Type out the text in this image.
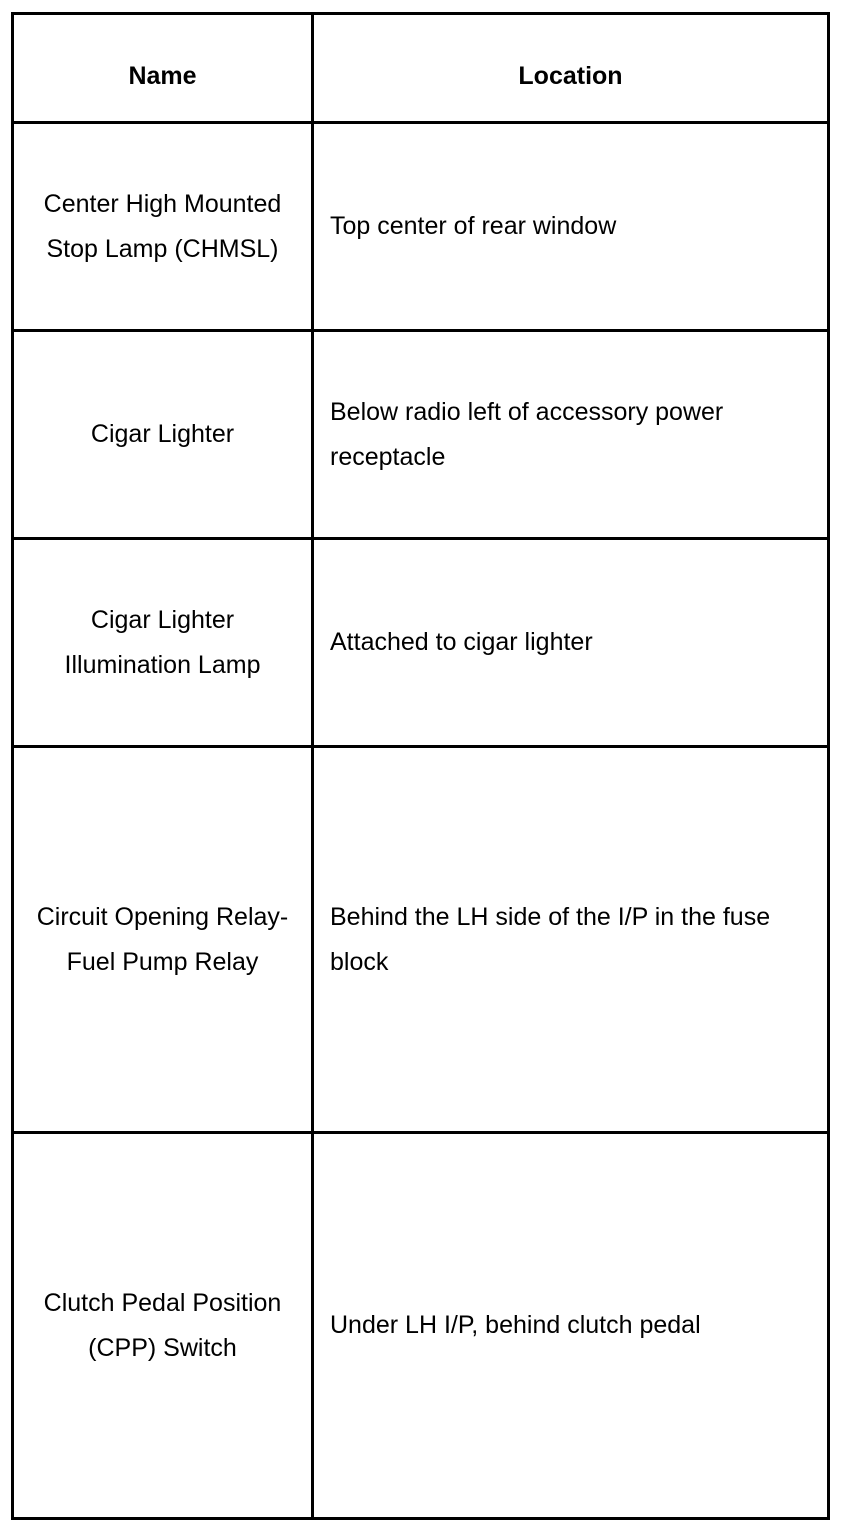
Name	Location
Center High Mounted Stop Lamp (CHMSL)	Top center of rear window
Cigar Lighter	Below radio left of accessory power receptacle
Cigar Lighter Illumination Lamp	Attached to cigar lighter
Circuit Opening Relay-Fuel Pump Relay	Behind the LH side of the I/P in the fuse block
Clutch Pedal Position (CPP) Switch	Under LH I/P, behind clutch pedal
